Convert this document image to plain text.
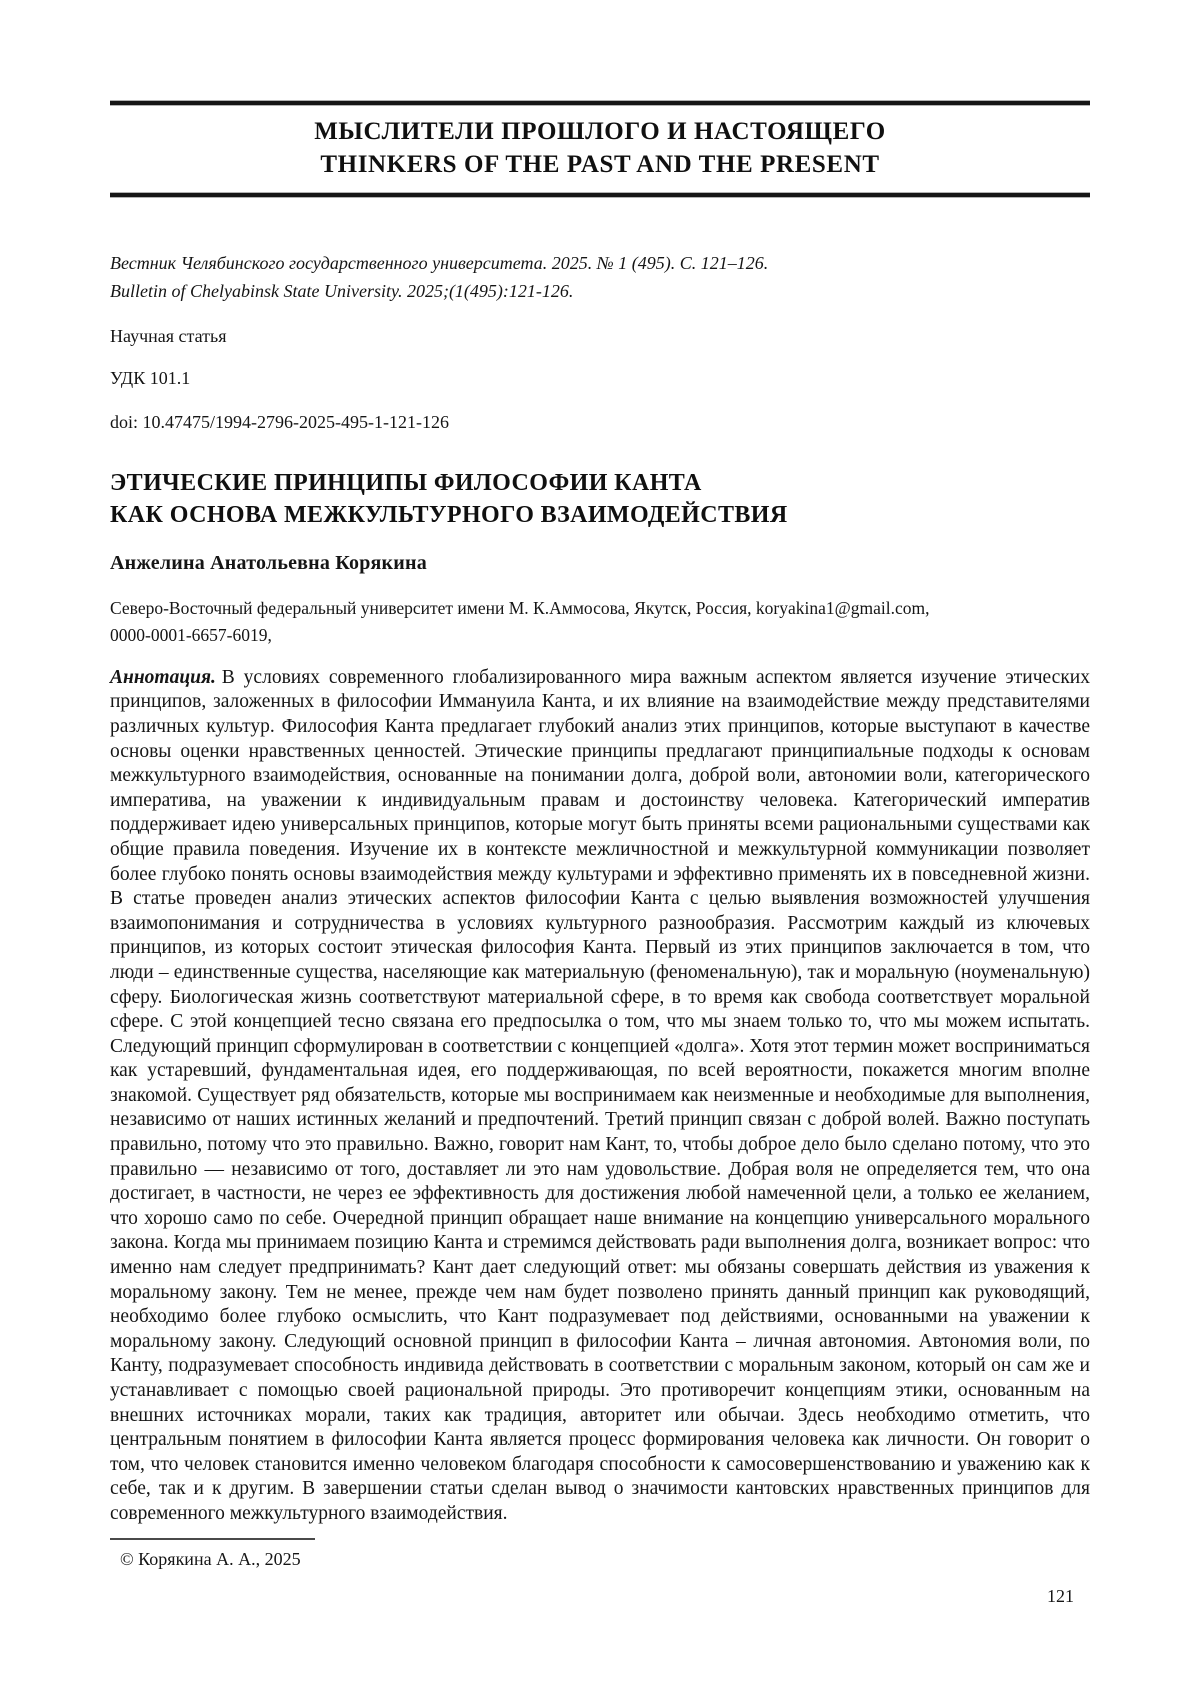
МЫСЛИТЕЛИ ПРОШЛОГО И НАСТОЯЩЕГО
THINKERS OF THE PAST AND THE PRESENT
Вестник Челябинского государственного университета. 2025. № 1 (495). С. 121–126.
Bulletin of Chelyabinsk State University. 2025;(1(495):121-126.
Научная статья
УДК 101.1
doi: 10.47475/1994-2796-2025-495-1-121-126
ЭТИЧЕСКИЕ ПРИНЦИПЫ ФИЛОСОФИИ КАНТА
КАК ОСНОВА МЕЖКУЛЬТУРНОГО ВЗАИМОДЕЙСТВИЯ
Анжелина Анатольевна Корякина
Северо-Восточный федеральный университет имени М. К.Аммосова, Якутск, Россия, koryakina1@gmail.com,
0000-0001-6657-6019,

Аннотация. В условиях современного глобализированного мира важным аспектом является изучение этических принципов, заложенных в философии Иммануила Канта, и их влияние на взаимодействие между представителями различных культур. Философия Канта предлагает глубокий анализ этих принципов, которые выступают в качестве основы оценки нравственных ценностей. Этические принципы предлагают принципиальные подходы к основам межкультурного взаимодействия, основанные на понимании долга, доброй воли, автономии воли, категорического императива, на уважении к индивидуальным правам и достоинству человека. Категорический императив поддерживает идею универсальных принципов, которые могут быть приняты всеми рациональными существами как общие правила поведения. Изучение их в контексте межличностной и межкультурной коммуникации позволяет более глубоко понять основы взаимодействия между культурами и эффективно применять их в повседневной жизни. В статье проведен анализ этических аспектов философии Канта с целью выявления возможностей улучшения взаимопонимания и сотрудничества в условиях культурного разнообразия. Рассмотрим каждый из ключевых принципов, из которых состоит этическая философия Канта. Первый из этих принципов заключается в том, что люди – единственные существа, населяющие как материальную (феноменальную), так и моральную (ноуменальную) сферу. Биологическая жизнь соответствуют материальной сфере, в то время как свобода соответствует моральной сфере. С этой концепцией тесно связана его предпосылка о том, что мы знаем только то, что мы можем испытать. Следующий принцип сформулирован в соответствии с концепцией «долга». Хотя этот термин может восприниматься как устаревший, фундаментальная идея, его поддерживающая, по всей вероятности, покажется многим вполне знакомой. Существует ряд обязательств, которые мы воспринимаем как неизменные и необходимые для выполнения, независимо от наших истинных желаний и предпочтений. Третий принцип связан с доброй волей. Важно поступать правильно, потому что это правильно. Важно, говорит нам Кант, то, чтобы доброе дело было сделано потому, что это правильно — независимо от того, доставляет ли это нам удовольствие. Добрая воля не определяется тем, что она достигает, в частности, не через ее эффективность для достижения любой намеченной цели, а только ее желанием, что хорошо само по себе. Очередной принцип обращает наше внимание на концепцию универсального морального закона. Когда мы принимаем позицию Канта и стремимся действовать ради выполнения долга, возникает вопрос: что именно нам следует предпринимать? Кант дает следующий ответ: мы обязаны совершать действия из уважения к моральному закону. Тем не менее, прежде чем нам будет позволено принять данный принцип как руководящий, необходимо более глубоко осмыслить, что Кант подразумевает под действиями, основанными на уважении к моральному закону. Следующий основной принцип в философии Канта – личная автономия. Автономия воли, по Канту, подразумевает способность индивида действовать в соответствии с моральным законом, который он сам же и устанавливает с помощью своей рациональной природы. Это противоречит концепциям этики, основанным на внешних источниках морали, таких как традиция, авторитет или обычаи. Здесь необходимо отметить, что центральным понятием в философии Канта является процесс формирования человека как личности. Он говорит о том, что человек становится именно человеком благодаря способности к самосовершенствованию и уважению как к себе, так и к другим. В завершении статьи сделан вывод о значимости кантовских нравственных принципов для современного межкультурного взаимодействия.

© Корякина А. А., 2025
121
